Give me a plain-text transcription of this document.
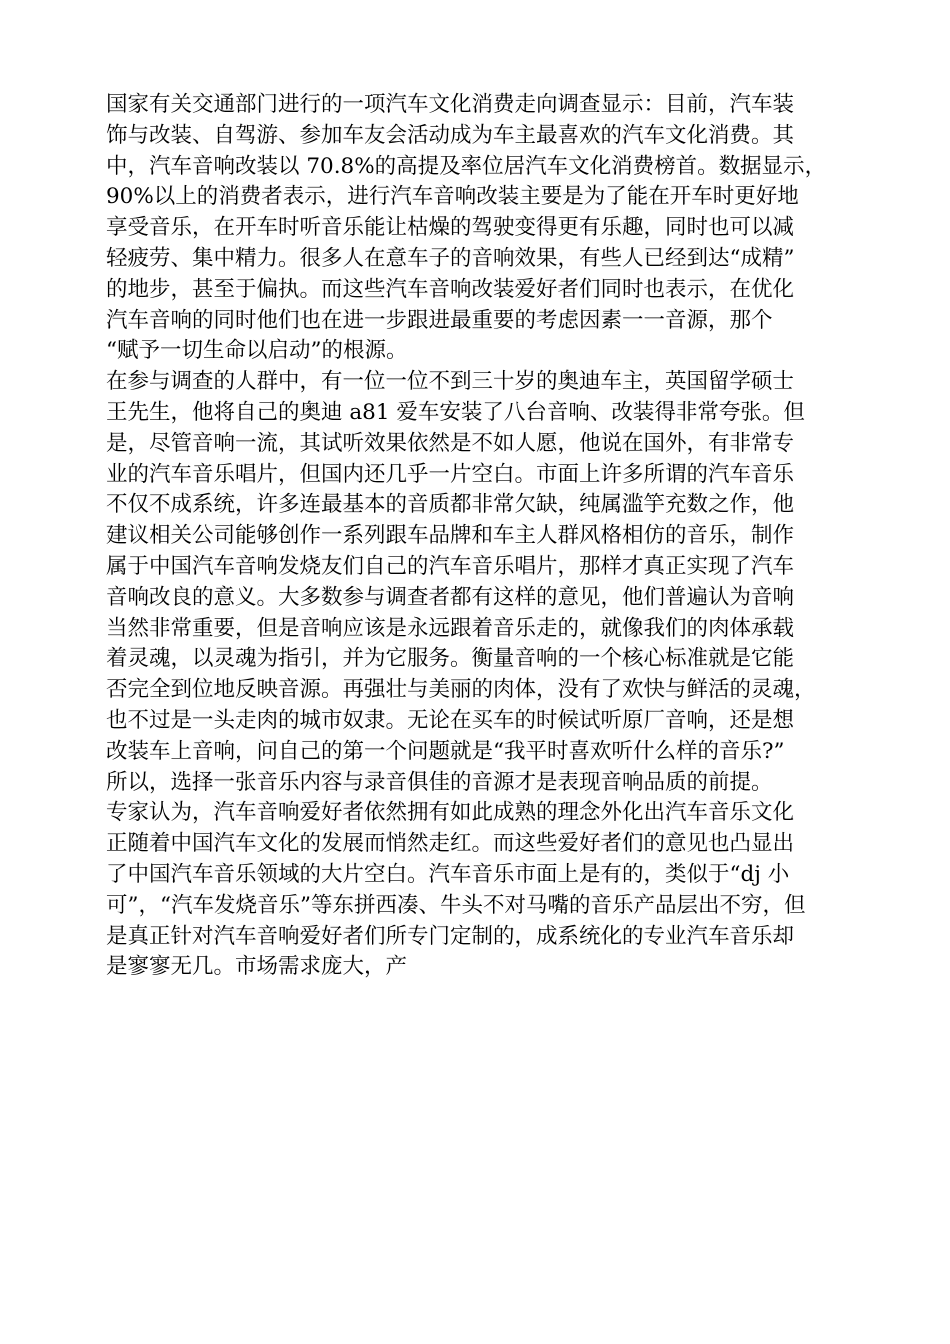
国家有关交通部门进行的一项汽车文化消费走向调查显示：目前，汽车装
饰与改装、自驾游、参加车友会活动成为车主最喜欢的汽车文化消费。其
中，汽车音响改装以 70.8%的高提及率位居汽车文化消费榜首。数据显示，
90%以上的消费者表示，进行汽车音响改装主要是为了能在开车时更好地
享受音乐，在开车时听音乐能让枯燥的驾驶变得更有乐趣，同时也可以减
轻疲劳、集中精力。很多人在意车子的音响效果，有些人已经到达“成精”
的地步，甚至于偏执。而这些汽车音响改装爱好者们同时也表示，在优化
汽车音响的同时他们也在进一步跟进最重要的考虑因素一一音源，那个
“赋予一切生命以启动”的根源。
在参与调查的人群中，有一位一位不到三十岁的奥迪车主，英国留学硕士
王先生，他将自己的奥迪 a81 爱车安装了八台音响、改装得非常夸张。但
是，尽管音响一流，其试听效果依然是不如人愿，他说在国外，有非常专
业的汽车音乐唱片，但国内还几乎一片空白。市面上许多所谓的汽车音乐
不仅不成系统，许多连最基本的音质都非常欠缺，纯属滥竽充数之作，他
建议相关公司能够创作一系列跟车品牌和车主人群风格相仿的音乐，制作
属于中国汽车音响发烧友们自己的汽车音乐唱片，那样才真正实现了汽车
音响改良的意义。大多数参与调查者都有这样的意见，他们普遍认为音响
当然非常重要，但是音响应该是永远跟着音乐走的，就像我们的肉体承载
着灵魂，以灵魂为指引，并为它服务。衡量音响的一个核心标准就是它能
否完全到位地反映音源。再强壮与美丽的肉体，没有了欢快与鲜活的灵魂，
也不过是一头走肉的城市奴隶。无论在买车的时候试听原厂音响，还是想
改装车上音响，问自己的第一个问题就是“我平时喜欢听什么样的音乐?”
所以，选择一张音乐内容与录音俱佳的音源才是表现音响品质的前提。
专家认为，汽车音响爱好者依然拥有如此成熟的理念外化出汽车音乐文化
正随着中国汽车文化的发展而悄然走红。而这些爱好者们的意见也凸显出
了中国汽车音乐领域的大片空白。汽车音乐市面上是有的，类似于“dj 小
可”，“汽车发烧音乐”等东拼西凑、牛头不对马嘴的音乐产品层出不穷，但
是真正针对汽车音响爱好者们所专门定制的，成系统化的专业汽车音乐却
是寥寥无几。市场需求庞大，产
